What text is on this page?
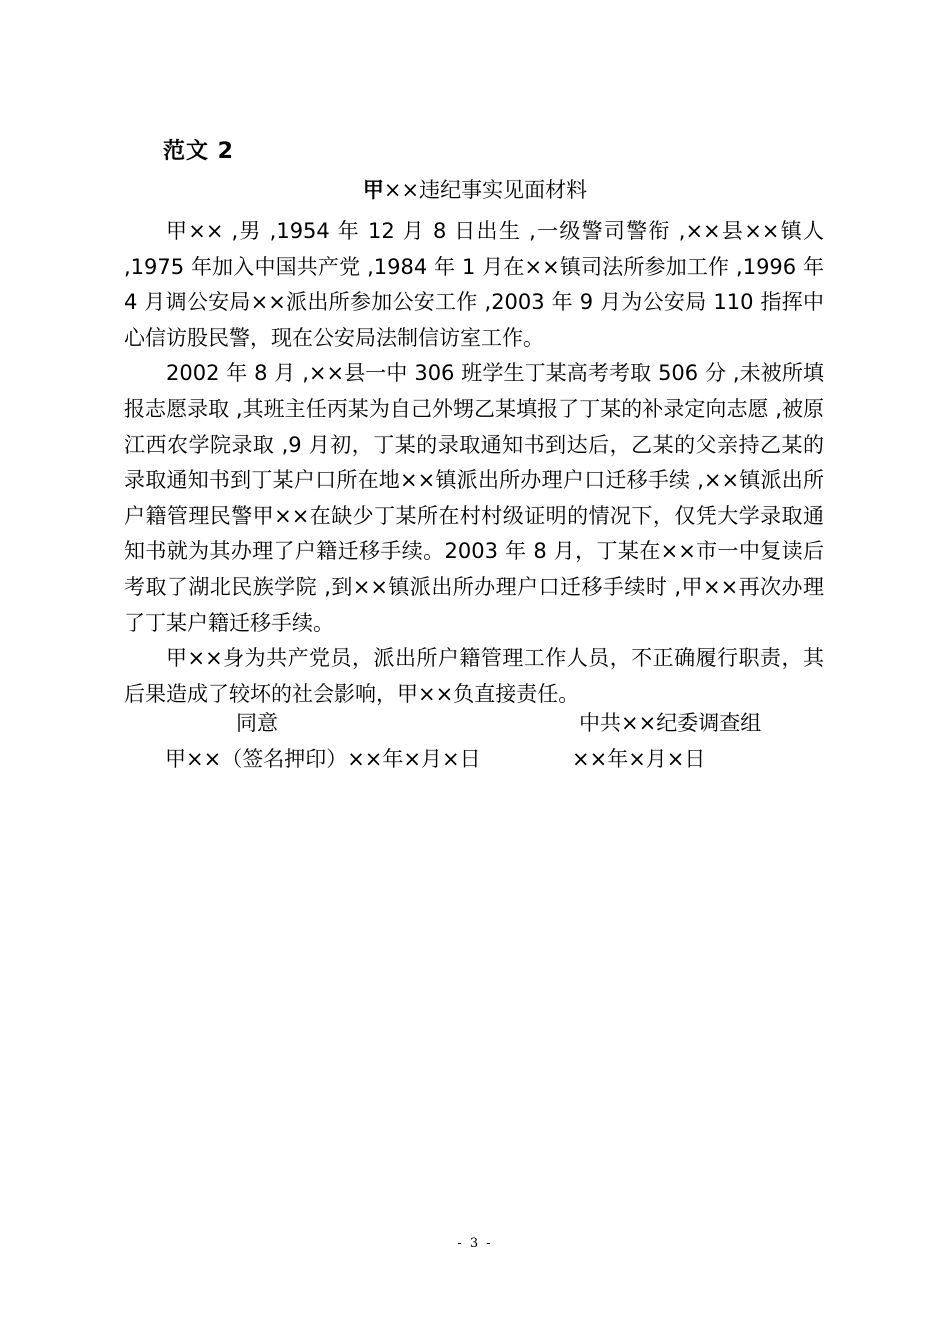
范文 2
甲××违纪事实见面材料

甲×× ,男 ,1954 年 12 月 8 日出生 ,一级警司警衔 ,××县××镇人 ,1975 年加入中国共产党 ,1984 年 1 月在××镇司法所参加工作 ,1996 年 4 月调公安局××派出所参加公安工作 ,2003 年 9 月为公安局 110 指挥中心信访股民警，现在公安局法制信访室工作。

2002 年 8 月 ,××县一中 306 班学生丁某高考考取 506 分 ,未被所填报志愿录取 ,其班主任丙某为自己外甥乙某填报了丁某的补录定向志愿 ,被原江西农学院录取 ,9 月初，丁某的录取通知书到达后，乙某的父亲持乙某的录取通知书到丁某户口所在地××镇派出所办理户口迁移手续 ,××镇派出所户籍管理民警甲××在缺少丁某所在村村级证明的情况下，仅凭大学录取通知书就为其办理了户籍迁移手续。2003 年 8 月，丁某在××市一中复读后考取了湖北民族学院 ,到××镇派出所办理户口迁移手续时 ,甲××再次办理了丁某户籍迁移手续。

甲××身为共产党员，派出所户籍管理工作人员，不正确履行职责，其后果造成了较坏的社会影响，甲××负直接责任。

同意	中共××纪委调查组
甲××（签名押印）××年×月×日	××年×月×日
- 3 -
